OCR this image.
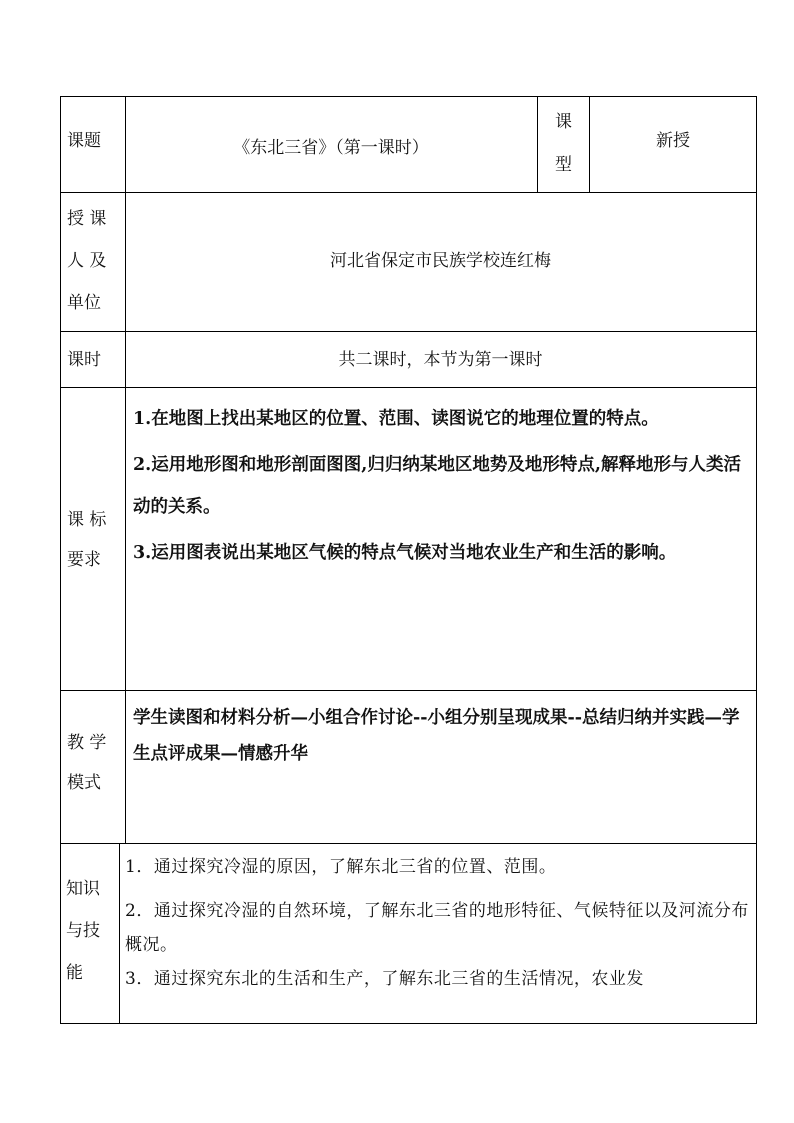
课题	《东北三省》（第一课时）
课
型
新授
授 课
人 及
单位
河北省保定市民族学校连红梅
课时	共二课时，本节为第一课时
课 标
要求

1.在地图上找出某地区的位置、范围、读图说它的地理位置的特点。

2.运用地形图和地形剖面图图,归归纳某地区地势及地形特点,解释地形与人类活动的关系。

3.运用图表说出某地区气候的特点气候对当地农业生产和生活的影响。

教 学
模式
学生读图和材料分析—小组合作讨论--小组分别呈现成果--总结归纳并实践—学生点评成果—情感升华
知识
与技
能

1．通过探究冷湿的原因，了解东北三省的位置、范围。

2．通过探究冷湿的自然环境，了解东北三省的地形特征、气候特征以及河流分布概况。

3．通过探究东北的生活和生产，了解东北三省的生活情况，农业发
